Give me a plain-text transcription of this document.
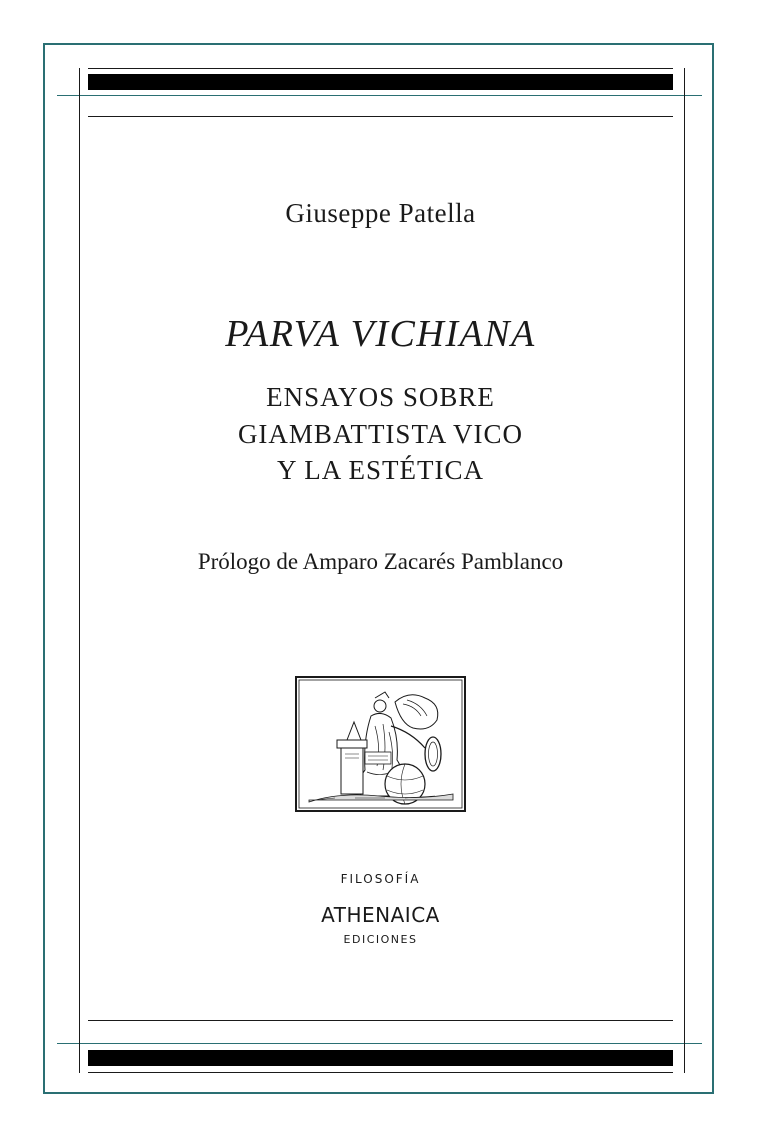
Giuseppe Patella
PARVA VICHIANA
ENSAYOS SOBRE
GIAMBATTISTA VICO
Y LA ESTÉTICA
Prólogo de Amparo Zacarés Pamblanco
FILOSOFÍA
ATHENAICA
EDICIONES
